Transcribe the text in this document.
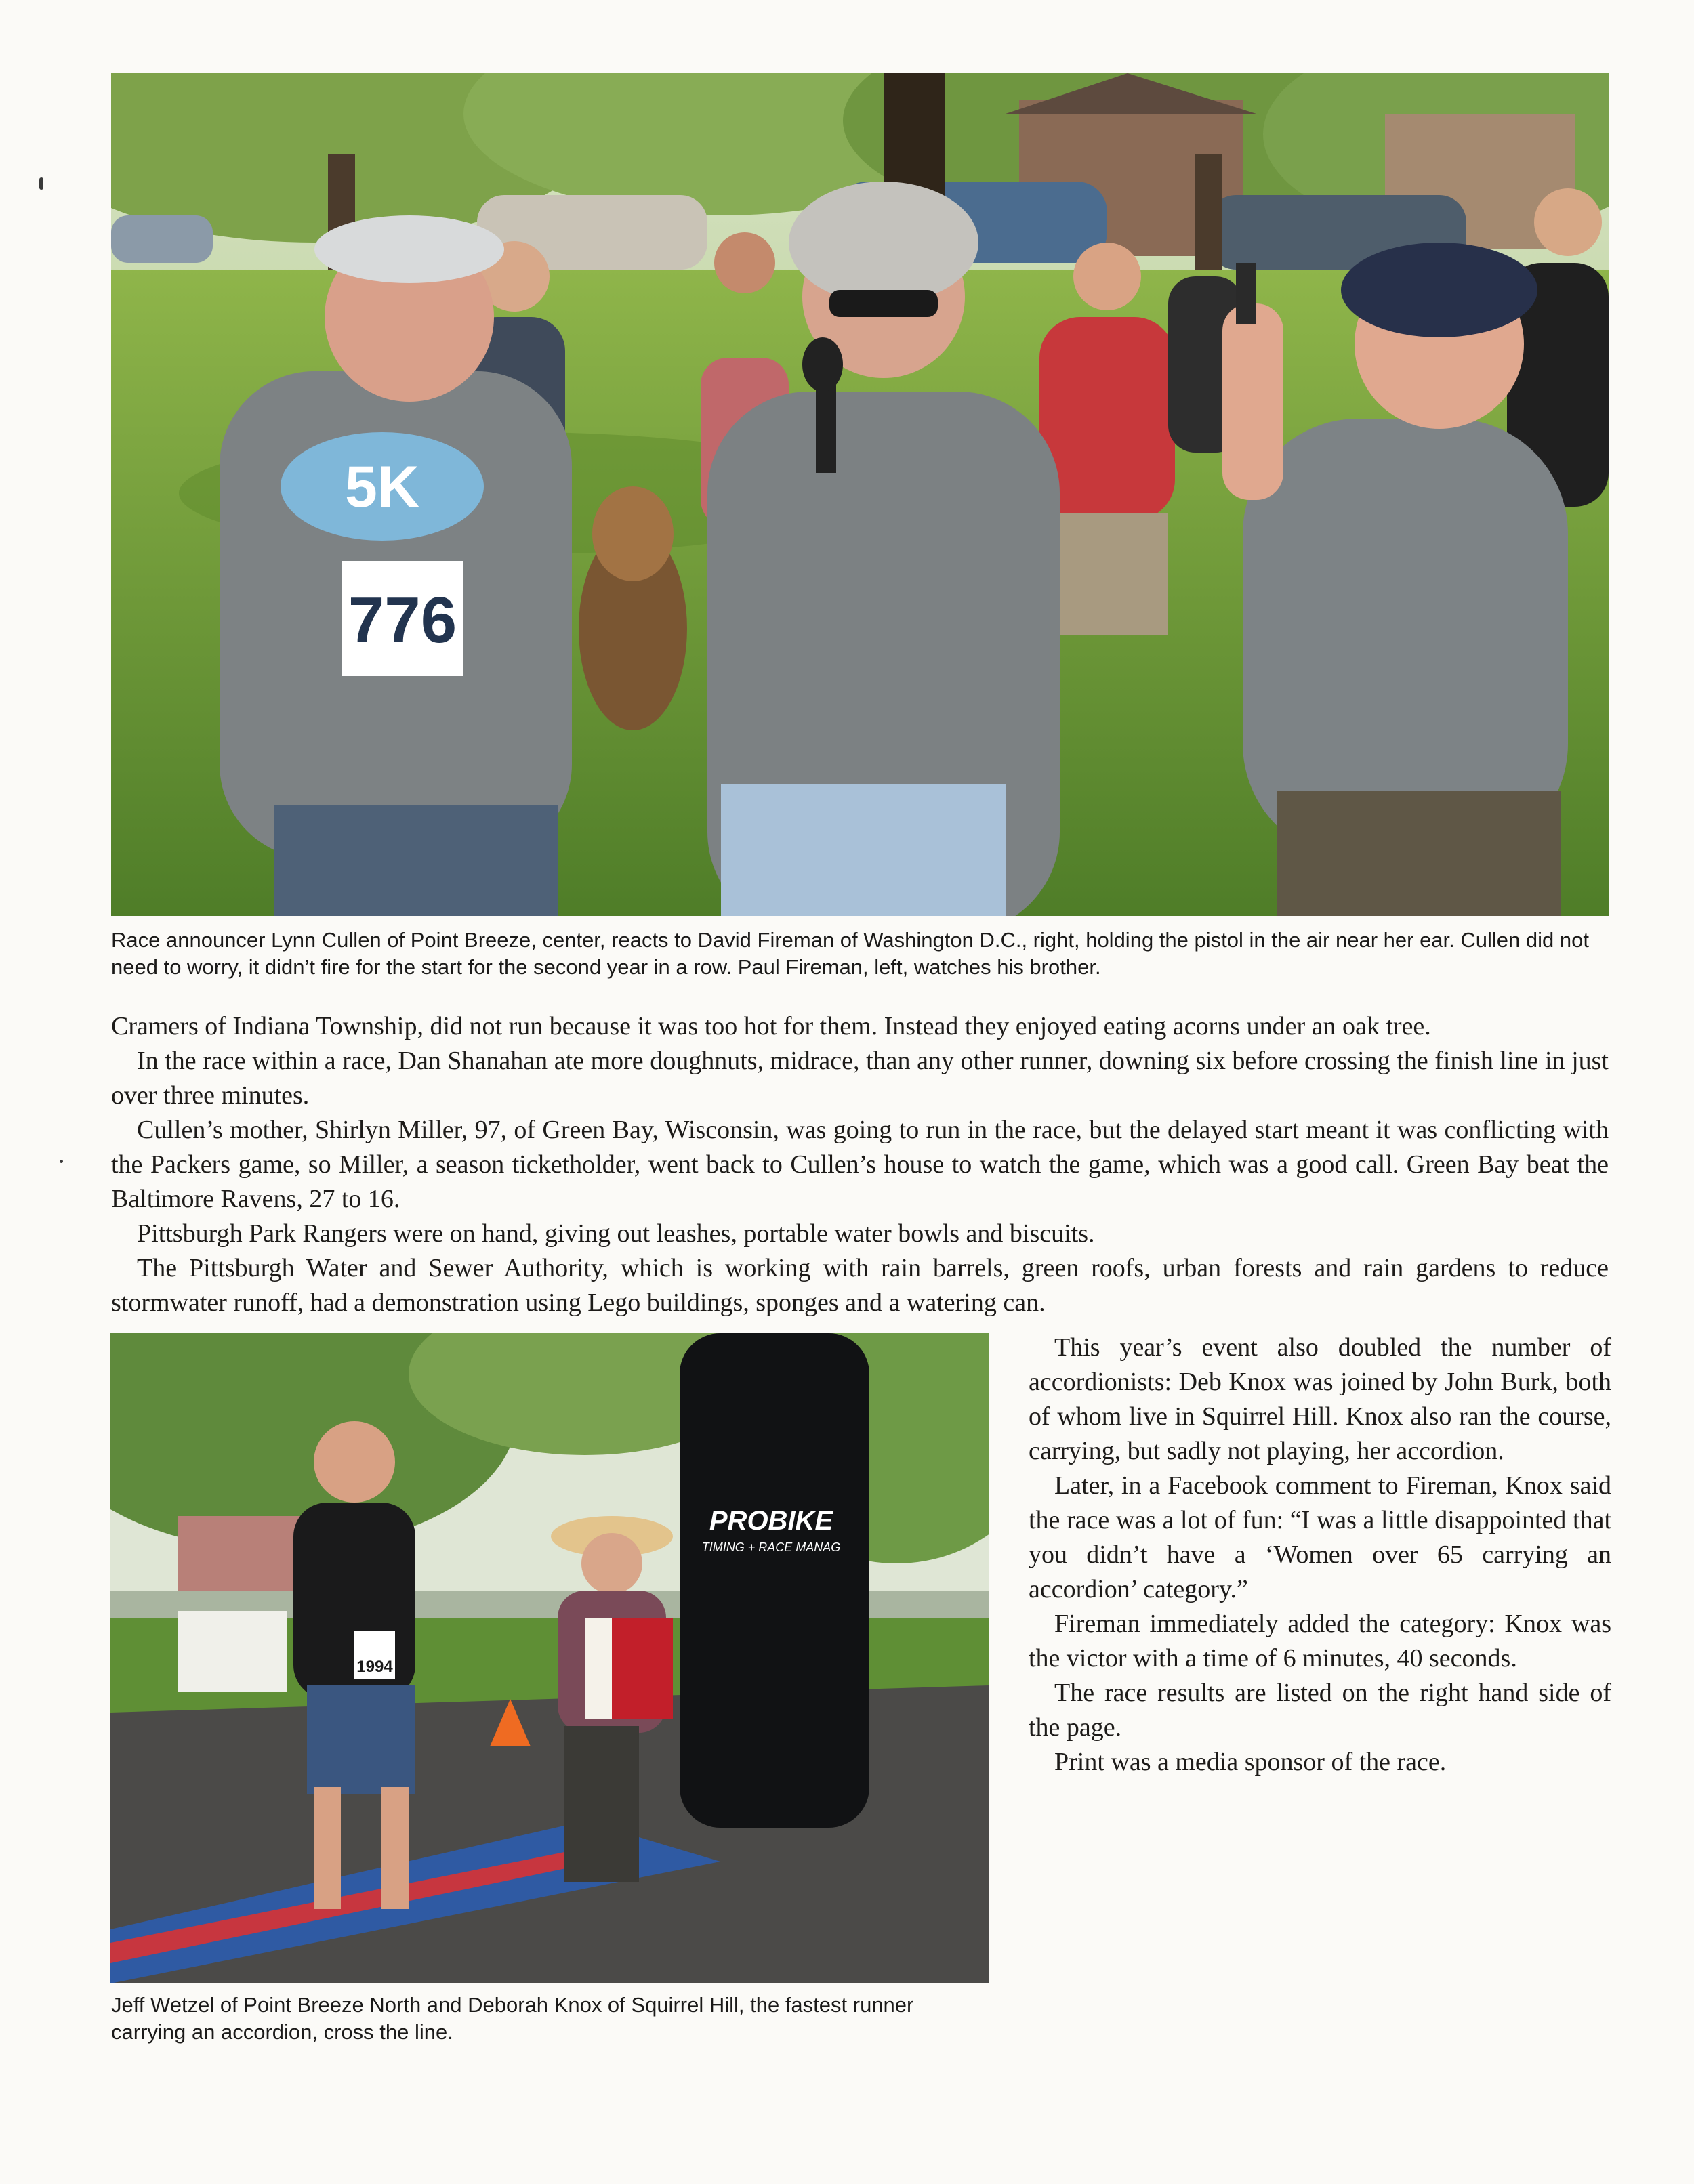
5K
776

Race announcer Lynn Cullen of Point Breeze, center, reacts to David Fireman of Washington D.C., right, holding the pistol in the air near her ear. Cullen did not need to worry, it didn’t fire for the start for the second year in a row. Paul Fireman, left, watches his brother.

Cramers of Indiana Township, did not run because it was too hot for them. Instead they enjoyed eating acorns under an oak tree.

In the race within a race, Dan Shanahan ate more doughnuts, midrace, than any other runner, downing six before crossing the finish line in just over three minutes.

Cullen’s mother, Shirlyn Miller, 97, of Green Bay, Wisconsin, was going to run in the race, but the delayed start meant it was conflicting with the Packers game, so Miller, a season ticketholder, went back to Cullen’s house to watch the game, which was a good call. Green Bay beat the Baltimore Ravens, 27 to 16.

Pittsburgh Park Rangers were on hand, giving out leashes, portable water bowls and biscuits.

The Pittsburgh Water and Sewer Authority, which is working with rain barrels, green roofs, urban forests and rain gardens to reduce stormwater runoff, had a demonstration using Lego buildings, sponges and a watering can.

PROBIKE
TIMING + RACE MANAG
1994

Jeff Wetzel of Point Breeze North and Deborah Knox of Squirrel Hill, the fastest runner carrying an accordion, cross the line.

This year’s event also doubled the number of accordionists: Deb Knox was joined by John Burk, both of whom live in Squirrel Hill. Knox also ran the course, carrying, but sadly not playing, her accordion.

Later, in a Facebook comment to Fireman, Knox said the race was a lot of fun: “I was a little disappointed that you didn’t have a ‘Women over 65 carrying an accordion’ category.”

Fireman immediately added the category: Knox was the victor with a time of 6 minutes, 40 seconds.

The race results are listed on the right hand side of the page.

Print was a media sponsor of the race.
